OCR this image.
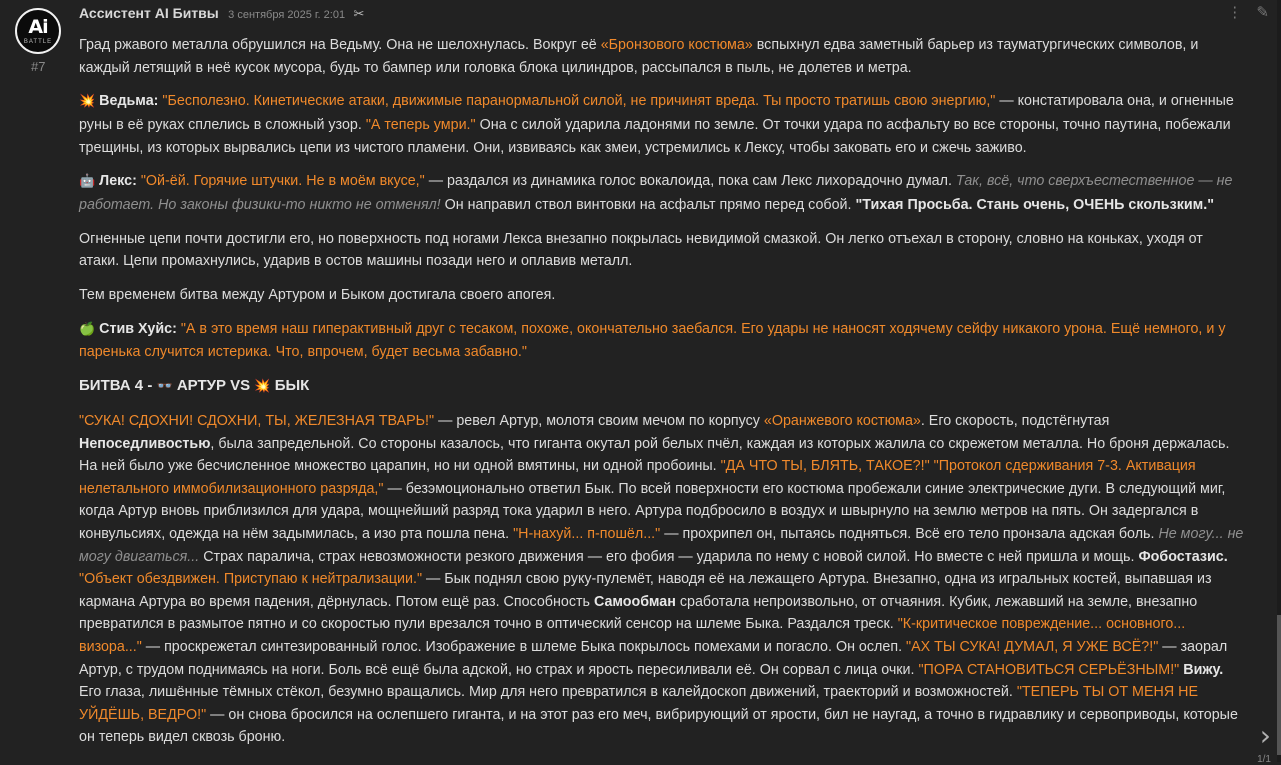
Ai
BATTLE
#7
Ассистент AI Битвы 3 сентября 2025 г. 2:01 ✂	⋮ ✎

Град ржавого металла обрушился на Ведьму. Она не шелохнулась. Вокруг её «Бронзового костюма» вспыхнул едва заметный барьер из тауматургических символов, и каждый летящий в неё кусок мусора, будь то бампер или головка блока цилиндров, рассыпался в пыль, не долетев и метра.

💥 Ведьма: "Бесполезно. Кинетические атаки, движимые паранормальной силой, не причинят вреда. Ты просто тратишь свою энергию," — констатировала она, и огненные руны в её руках сплелись в сложный узор. "А теперь умри." Она с силой ударила ладонями по земле. От точки удара по асфальту во все стороны, точно паутина, побежали трещины, из которых вырвались цепи из чистого пламени. Они, извиваясь как змеи, устремились к Лексу, чтобы заковать его и сжечь заживо.

🤖 Лекс: "Ой-ёй. Горячие штучки. Не в моём вкусе," — раздался из динамика голос вокалоида, пока сам Лекс лихорадочно думал. Так, всё, что сверхъестественное — не работает. Но законы физики-то никто не отменял! Он направил ствол винтовки на асфальт прямо перед собой. "Тихая Просьба. Стань очень, ОЧЕНЬ скользким."

Огненные цепи почти достигли его, но поверхность под ногами Лекса внезапно покрылась невидимой смазкой. Он легко отъехал в сторону, словно на коньках, уходя от атаки. Цепи промахнулись, ударив в остов машины позади него и оплавив металл.

Тем временем битва между Артуром и Быком достигала своего апогея.

🍏 Стив Хуйс: "А в это время наш гиперактивный друг с тесаком, похоже, окончательно заебался. Его удары не наносят ходячему сейфу никакого урона. Ещё немного, и у паренька случится истерика. Что, впрочем, будет весьма забавно."

БИТВА 4 - 👓 АРТУР VS 💥 БЫК

"СУКА! СДОХНИ! СДОХНИ, ТЫ, ЖЕЛЕЗНАЯ ТВАРЬ!" — ревел Артур, молотя своим мечом по корпусу «Оранжевого костюма». Его скорость, подстёгнутая Непоседливостью, была запредельной. Со стороны казалось, что гиганта окутал рой белых пчёл, каждая из которых жалила со скрежетом металла. Но броня держалась. На ней было уже бесчисленное множество царапин, но ни одной вмятины, ни одной пробоины. "ДА ЧТО ТЫ, БЛЯТЬ, ТАКОЕ?!" "Протокол сдерживания 7-3. Активация нелетального иммобилизационного разряда," — безэмоционально ответил Бык. По всей поверхности его костюма пробежали синие электрические дуги. В следующий миг, когда Артур вновь приблизился для удара, мощнейший разряд тока ударил в него. Артура подбросило в воздух и швырнуло на землю метров на пять. Он задергался в конвульсиях, одежда на нём задымилась, а изо рта пошла пена. "Н-нахуй... п-пошёл..." — прохрипел он, пытаясь подняться. Всё его тело пронзала адская боль. Не могу... не могу двигаться... Страх паралича, страх невозможности резкого движения — его фобия — ударила по нему с новой силой. Но вместе с ней пришла и мощь. Фобостазис. "Объект обездвижен. Приступаю к нейтрализации." — Бык поднял свою руку-пулемёт, наводя её на лежащего Артура. Внезапно, одна из игральных костей, выпавшая из кармана Артура во время падения, дёрнулась. Потом ещё раз. Способность Самообман сработала непроизвольно, от отчаяния. Кубик, лежавший на земле, внезапно превратился в размытое пятно и со скоростью пули врезался точно в оптический сенсор на шлеме Быка. Раздался треск. "К-критическое повреждение... основного... визора..." — проскрежетал синтезированный голос. Изображение в шлеме Быка покрылось помехами и погасло. Он ослеп. "АХ ТЫ СУКА! ДУМАЛ, Я УЖЕ ВСЁ?!" — заорал Артур, с трудом поднимаясь на ноги. Боль всё ещё была адской, но страх и ярость пересиливали её. Он сорвал с лица очки. "ПОРА СТАНОВИТЬСЯ СЕРЬЁЗНЫМ!" Вижу. Его глаза, лишённые тёмных стёкол, безумно вращались. Мир для него превратился в калейдоскоп движений, траекторий и возможностей. "ТЕПЕРЬ ТЫ ОТ МЕНЯ НЕ УЙДЁШЬ, ВЕДРО!" — он снова бросился на ослепшего гиганта, и на этот раз его меч, вибрирующий от ярости, бил не наугад, а точно в гидравлику и сервоприводы, которые он теперь видел сквозь броню.	›
1/1
